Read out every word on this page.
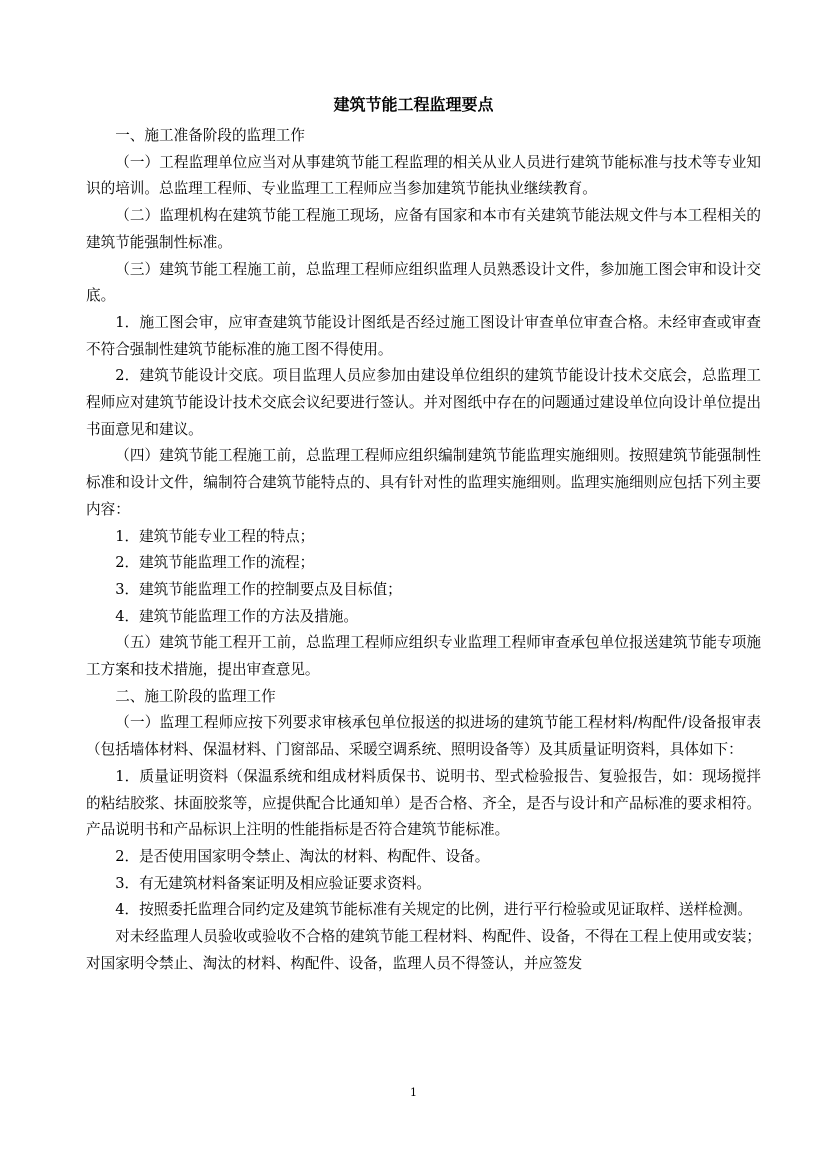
建筑节能工程监理要点

一、施工准备阶段的监理工作

（一）工程监理单位应当对从事建筑节能工程监理的相关从业人员进行建筑节能标准与技术等专业知识的培训。总监理工程师、专业监理工工程师应当参加建筑节能执业继续教育。

（二）监理机构在建筑节能工程施工现场，应备有国家和本市有关建筑节能法规文件与本工程相关的建筑节能强制性标准。

（三）建筑节能工程施工前，总监理工程师应组织监理人员熟悉设计文件，参加施工图会审和设计交底。

1．施工图会审，应审查建筑节能设计图纸是否经过施工图设计审查单位审查合格。未经审查或审查不符合强制性建筑节能标准的施工图不得使用。

2．建筑节能设计交底。项目监理人员应参加由建设单位组织的建筑节能设计技术交底会，总监理工程师应对建筑节能设计技术交底会议纪要进行签认。并对图纸中存在的问题通过建设单位向设计单位提出书面意见和建议。

（四）建筑节能工程施工前，总监理工程师应组织编制建筑节能监理实施细则。按照建筑节能强制性标准和设计文件，编制符合建筑节能特点的、具有针对性的监理实施细则。监理实施细则应包括下列主要内容：

1．建筑节能专业工程的特点；

2．建筑节能监理工作的流程；

3．建筑节能监理工作的控制要点及目标值；

4．建筑节能监理工作的方法及措施。

（五）建筑节能工程开工前，总监理工程师应组织专业监理工程师审查承包单位报送建筑节能专项施工方案和技术措施，提出审查意见。

二、施工阶段的监理工作

（一）监理工程师应按下列要求审核承包单位报送的拟进场的建筑节能工程材料/构配件/设备报审表（包括墙体材料、保温材料、门窗部品、采暖空调系统、照明设备等）及其质量证明资料，具体如下：

1．质量证明资料（保温系统和组成材料质保书、说明书、型式检验报告、复验报告，如：现场搅拌的粘结胶浆、抹面胶浆等，应提供配合比通知单）是否合格、齐全，是否与设计和产品标准的要求相符。产品说明书和产品标识上注明的性能指标是否符合建筑节能标准。

2．是否使用国家明令禁止、淘汰的材料、构配件、设备。

3．有无建筑材料备案证明及相应验证要求资料。

4．按照委托监理合同约定及建筑节能标准有关规定的比例，进行平行检验或见证取样、送样检测。

对未经监理人员验收或验收不合格的建筑节能工程材料、构配件、设备，不得在工程上使用或安装；对国家明令禁止、淘汰的材料、构配件、设备，监理人员不得签认，并应签发

1
